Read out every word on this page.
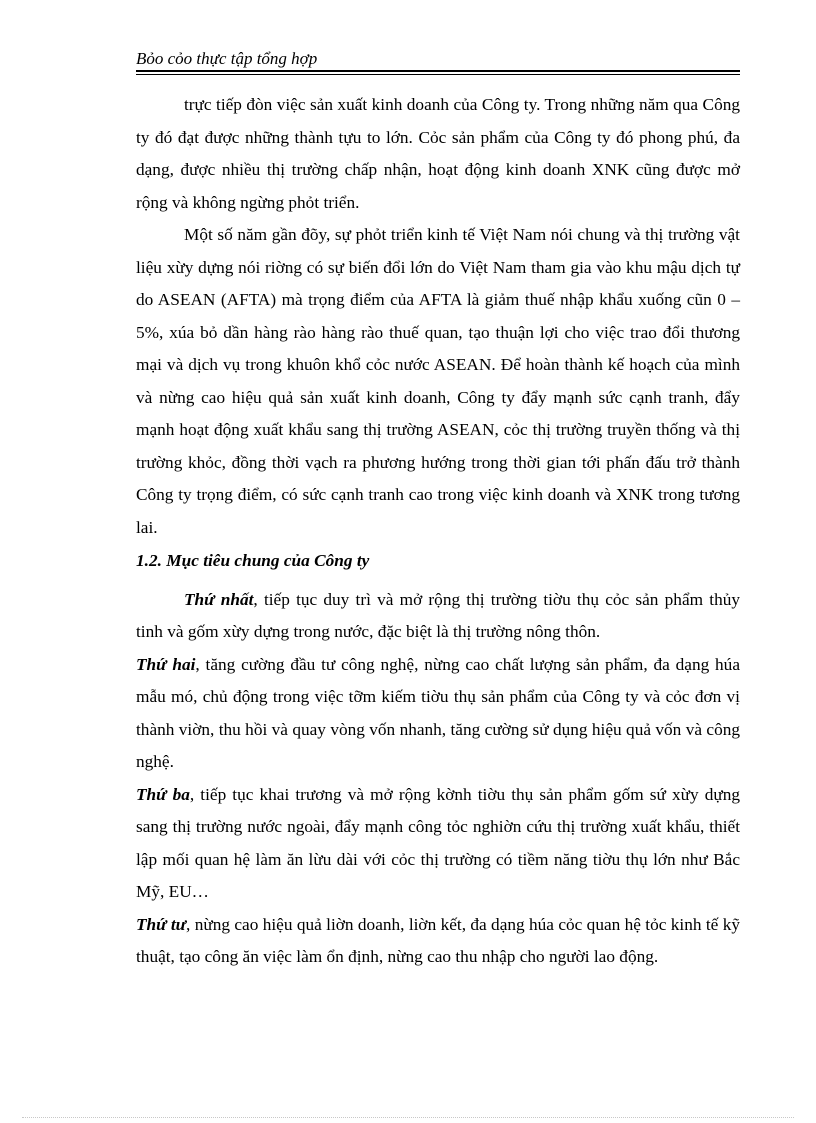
Bỏo cỏo thực tập tổng hợp

trực tiếp đòn việc sản xuất kinh doanh của Công ty. Trong những năm qua Công ty đó đạt được những thành tựu to lớn. Cỏc sản phẩm của Công ty đó phong phú, đa dạng, được nhiều thị trường chấp nhận, hoạt động kinh doanh XNK cũng được mở rộng và không ngừng phỏt triển.

Một số năm gần đõy, sự phỏt triển kinh tế Việt Nam nói chung và thị trường vật liệu xừy dựng nói riờng có sự biến đổi lớn do Việt Nam tham gia vào khu mậu dịch tự do ASEAN (AFTA) mà trọng điểm của AFTA là giảm thuế nhập khẩu xuống cũn 0 – 5%, xúa bỏ dần hàng rào hàng rào thuế quan, tạo thuận lợi cho việc trao đổi thương mại và dịch vụ trong khuôn khổ cỏc nước ASEAN. Để hoàn thành kế hoạch của mình và nừng cao hiệu quả sản xuất kinh doanh, Công ty đẩy mạnh sức cạnh tranh, đẩy mạnh hoạt động xuất khẩu sang thị trường ASEAN, cỏc thị trường truyền thống và thị trường khỏc, đồng thời vạch ra phương hướng trong thời gian tới phấn đấu trở thành Công ty trọng điểm, có sức cạnh tranh cao trong việc kinh doanh và XNK trong tương lai.

1.2. Mục tiêu chung của Công ty

Thứ nhất, tiếp tục duy trì và mở rộng thị trường tiờu thụ cỏc sản phẩm thủy tinh và gốm xừy dựng trong nước, đặc biệt là thị trường nông thôn.

Thứ hai, tăng cường đầu tư công nghệ, nừng cao chất lượng sản phẩm, đa dạng húa mẫu mó, chủ động trong việc tỡm kiếm tiờu thụ sản phẩm của Công ty và cỏc đơn vị thành viờn, thu hồi và quay vòng vốn nhanh, tăng cường sử dụng hiệu quả vốn và công nghệ.

Thứ ba, tiếp tục khai trương và mở rộng kờnh tiờu thụ sản phẩm gốm sứ xừy dựng sang thị trường nước ngoài, đẩy mạnh công tỏc nghiờn cứu thị trường xuất khẩu, thiết lập mối quan hệ làm ăn lừu dài với cỏc thị trường có tiềm năng tiờu thụ lớn như Bắc Mỹ, EU…

Thứ tư, nừng cao hiệu quả liờn doanh, liờn kết, đa dạng húa cỏc quan hệ tỏc kinh tế kỹ thuật, tạo công ăn việc làm ổn định, nừng cao thu nhập cho người lao động.
